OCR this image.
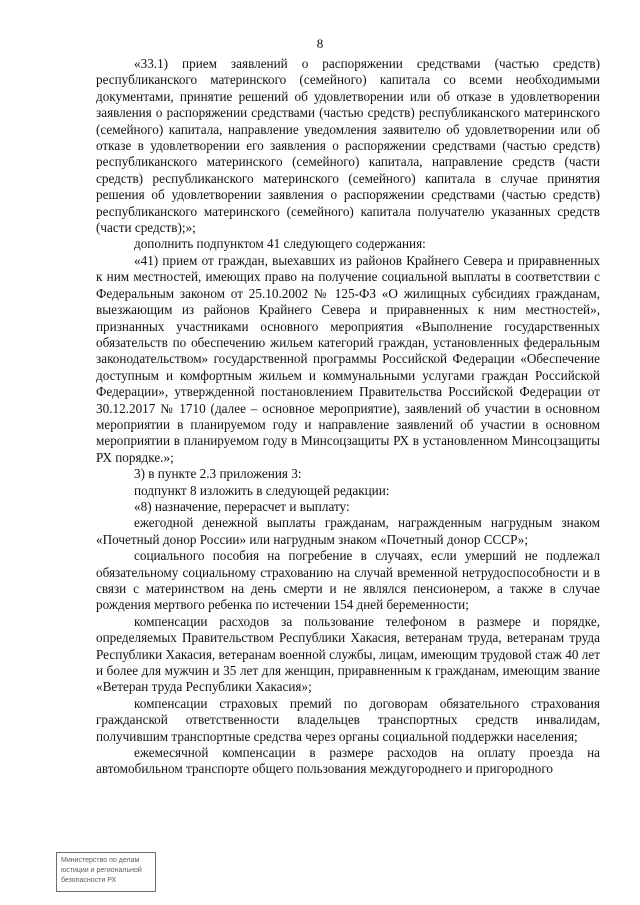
8

«33.1) прием заявлений о распоряжении средствами (частью средств) республиканского материнского (семейного) капитала со всеми необходимыми документами, принятие решений об удовлетворении или об отказе в удовлетворении заявления о распоряжении средствами (частью средств) республиканского материнского (семейного) капитала, направление уведомления заявителю об удовлетворении или об отказе в удовлетворении его заявления о распоряжении средствами (частью средств) республиканского материнского (семейного) капитала, направление средств (части средств) республиканского материнского (семейного) капитала в случае принятия решения об удовлетворении заявления о распоряжении средствами (частью средств) республиканского материнского (семейного) капитала получателю указанных средств (части средств);»;

дополнить подпунктом 41 следующего содержания:

«41) прием от граждан, выехавших из районов Крайнего Севера и приравненных к ним местностей, имеющих право на получение социальной выплаты в соответствии с Федеральным законом от 25.10.2002 № 125-ФЗ «О жилищных субсидиях гражданам, выезжающим из районов Крайнего Севера и приравненных к ним местностей», признанных участниками основного мероприятия «Выполнение государственных обязательств по обеспечению жильем категорий граждан, установленных федеральным законодательством» государственной программы Российской Федерации «Обеспечение доступным и комфортным жильем и коммунальными услугами граждан Российской Федерации», утвержденной постановлением Правительства Российской Федерации от 30.12.2017 № 1710 (далее – основное мероприятие), заявлений об участии в основном мероприятии в планируемом году и направление заявлений об участии в основном мероприятии в планируемом году в Минсоцзащиты РХ в установленном Минсоцзащиты РХ порядке.»;

3) в пункте 2.3 приложения 3:

подпункт 8 изложить в следующей редакции:

«8) назначение, перерасчет и выплату:

ежегодной денежной выплаты гражданам, награжденным нагрудным знаком «Почетный донор России» или нагрудным знаком «Почетный донор СССР»;

социального пособия на погребение в случаях, если умерший не подлежал обязательному социальному страхованию на случай временной нетрудоспособности и в связи с материнством на день смерти и не являлся пенсионером, а также в случае рождения мертвого ребенка по истечении 154 дней беременности;

компенсации расходов за пользование телефоном в размере и порядке, определяемых Правительством Республики Хакасия, ветеранам труда, ветеранам труда Республики Хакасия, ветеранам военной службы, лицам, имеющим трудовой стаж 40 лет и более для мужчин и 35 лет для женщин, приравненным к гражданам, имеющим звание «Ветеран труда Республики Хакасия»;

компенсации страховых премий по договорам обязательного страхования гражданской ответственности владельцев транспортных средств инвалидам, получившим транспортные средства через органы социальной поддержки населения;

ежемесячной компенсации в размере расходов на оплату проезда на автомобильном транспорте общего пользования междугороднего и пригородного

Министерство по делам
юстиции и региональной
безопасности РХ
